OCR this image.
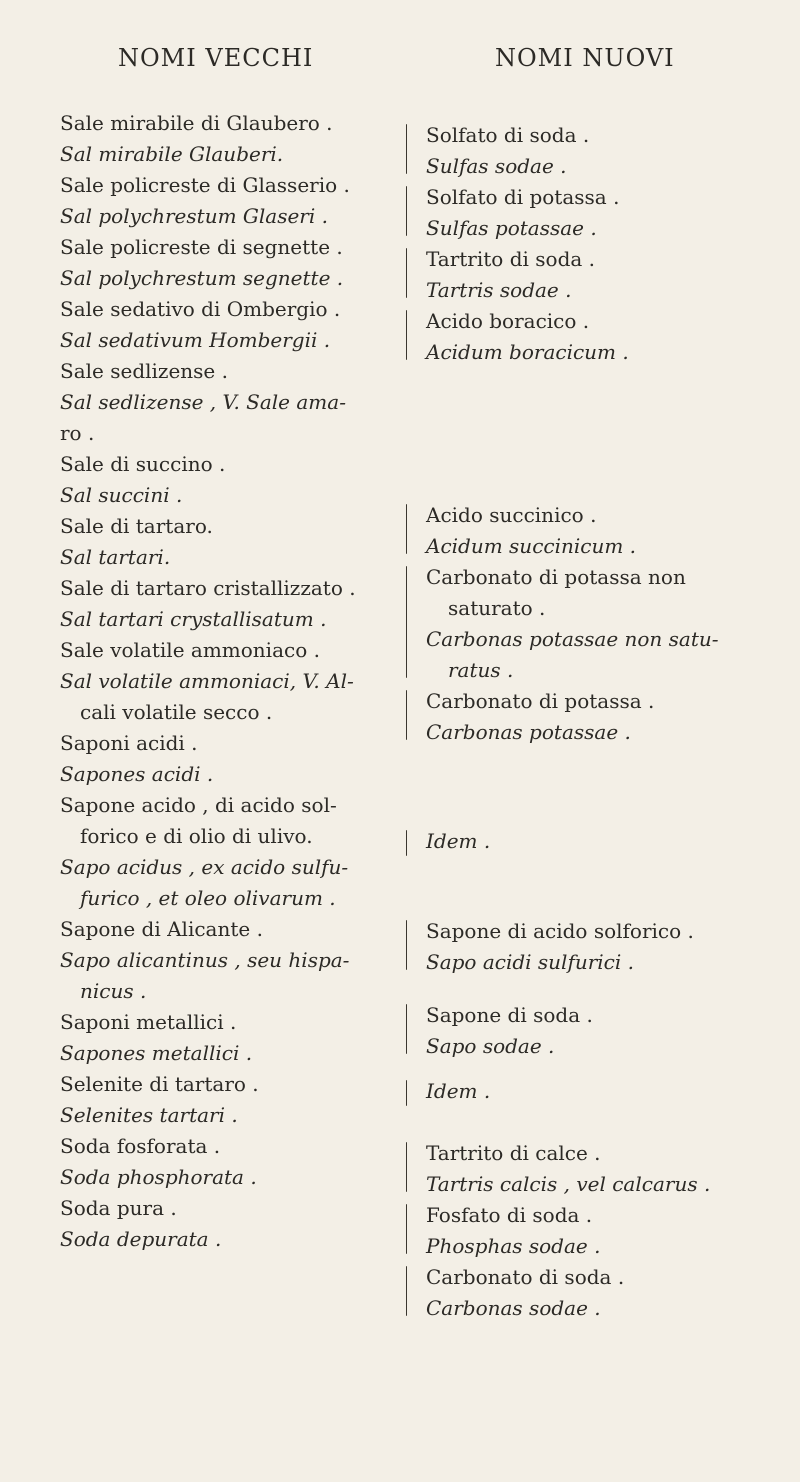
NOMI VECCHI	NOMI NUOVI
Sale mirabile di Glaubero .
Sal mirabile Glauberi.
Sale policreste di Glasserio .
Sal polychrestum Glaseri .
Sale policreste di segnette .
Sal polychrestum segnette .
Sale sedativo di Ombergio .
Sal sedativum Hombergii .
Sale sedlizense .
Sal sedlizense , V. Sale ama-
ro .
Sale di succino .
Sal succini .
Sale di tartaro.
Sal tartari.
Sale di tartaro cristallizzato .
Sal tartari crystallisatum .
Sale volatile ammoniaco .
Sal volatile ammoniaci, V. Al-
cali volatile secco .
Saponi acidi .
Sapones acidi .
Sapone acido , di acido sol-
forico e di olio di ulivo.
Sapo acidus , ex acido sulfu-
furico , et oleo olivarum .
Sapone di Alicante .
Sapo alicantinus , seu hispa-
nicus .
Saponi metallici .
Sapones metallici .
Selenite di tartaro .
Selenites tartari .
Soda fosforata .
Soda phosphorata .
Soda pura .
Soda depurata .
Solfato di soda .
Sulfas sodae .
Solfato di potassa .
Sulfas potassae .
Tartrito di soda .
Tartris sodae .
Acido boracico .
Acidum boracicum .
Acido succinico .
Acidum succinicum .
Carbonato di potassa non
saturato .
Carbonas potassae non satu-
ratus .
Carbonato di potassa .
Carbonas potassae .
Idem .
Sapone di acido solforico .
Sapo acidi sulfurici .
Sapone di soda .
Sapo sodae .
Idem .
Tartrito di calce .
Tartris calcis , vel calcarus .
Fosfato di soda .
Phosphas sodae .
Carbonato di soda .
Carbonas sodae .
